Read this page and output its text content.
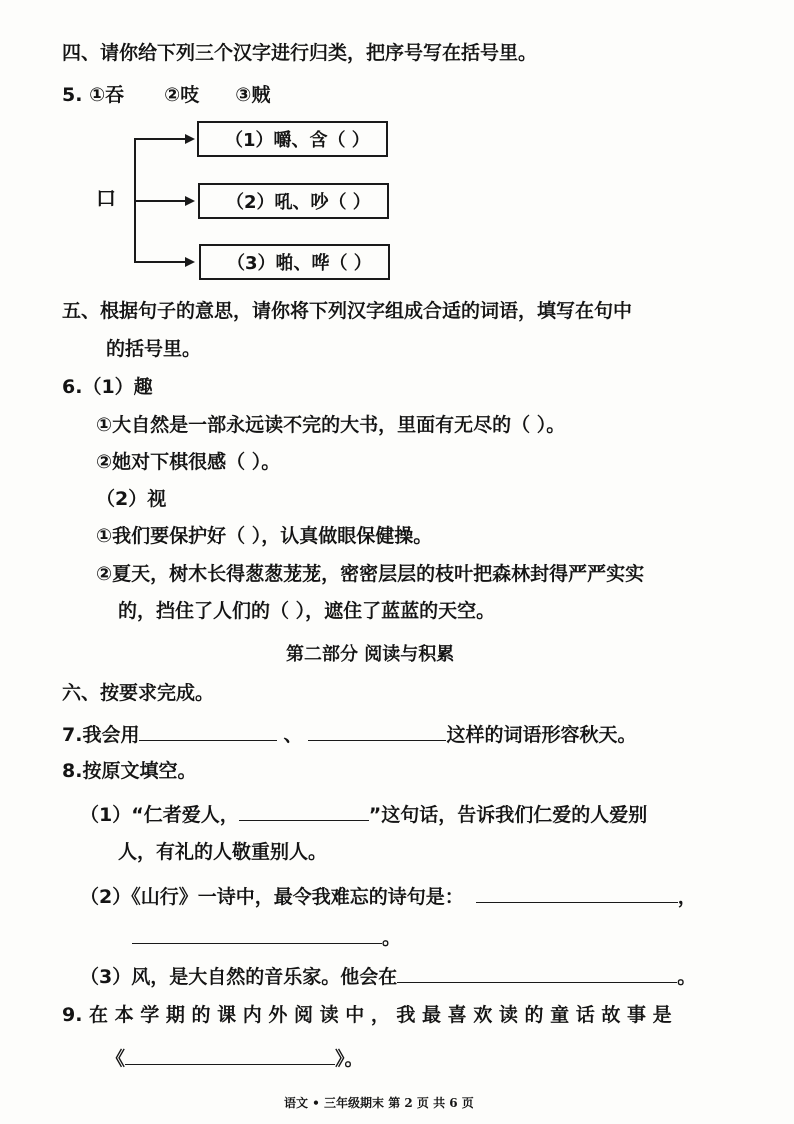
四、请你给下列三个汉字进行归类，把序号写在括号里。
5. ①吞 ②吱 ③贼
口
（1）嚼、含（ ）
（2）吼、吵（ ）
（3）啪、哗（ ）
五、根据句子的意思，请你将下列汉字组成合适的词语，填写在句中
的括号里。
6.（1）趣
①大自然是一部永远读不完的大书，里面有无尽的（ ）。
②她对下棋很感（ ）。
（2）视
①我们要保护好（ ），认真做眼保健操。
②夏天，树木长得葱葱茏茏，密密层层的枝叶把森林封得严严实实
的，挡住了人们的（ ），遮住了蓝蓝的天空。
第二部分 阅读与积累
六、按要求完成。
7.我会用	、	这样的词语形容秋天。
8.按原文填空。
（1）“仁者爱人，	”这句话，告诉我们仁爱的人爱别
人，有礼的人敬重别人。
（2）《山行》一诗中，最令我难忘的诗句是：	，
。
（3）风，是大自然的音乐家。他会在	。
9. 在 本 学 期 的 课 内 外 阅 读 中 ， 我 最 喜 欢 读 的 童 话 故 事 是
《	》。
语文 • 三年级期末 第 2 页 共 6 页
